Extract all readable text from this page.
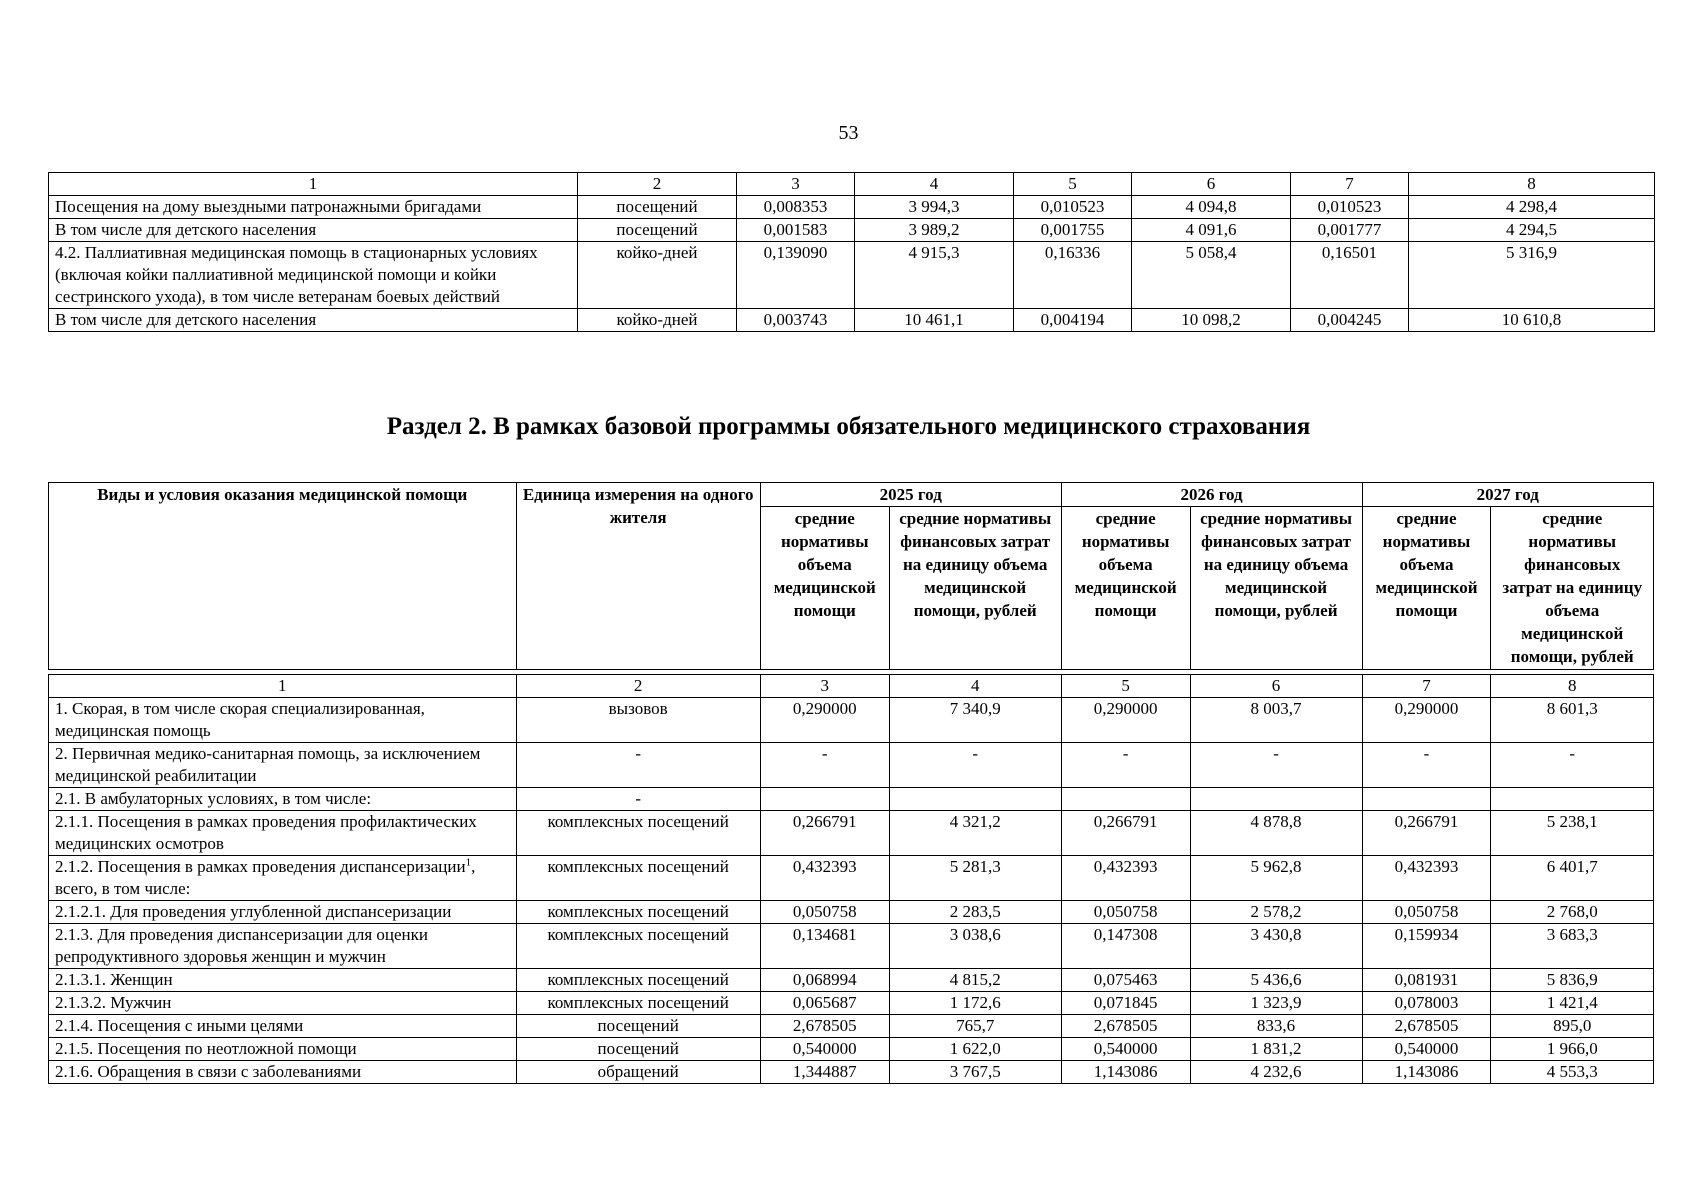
53
1	2	3	4	5	6	7	8
Посещения на дому выездными патронажными бригадами	посещений	0,008353	3 994,3	0,010523	4 094,8	0,010523	4 298,4
В том числе для детского населения	посещений	0,001583	3 989,2	0,001755	4 091,6	0,001777	4 294,5
4.2. Паллиативная медицинская помощь в стационарных условиях (включая койки паллиативной медицинской помощи и койки сестринского ухода), в том числе ветеранам боевых действий	койко-дней	0,139090	4 915,3	0,16336	5 058,4	0,16501	5 316,9
В том числе для детского населения	койко-дней	0,003743	10 461,1	0,004194	10 098,2	0,004245	10 610,8
Раздел 2. В рамках базовой программы обязательного медицинского страхования
Виды и условия оказания медицинской помощи	Единица измерения на одного жителя	2025 год		2026 год		2027 год	
		средние нормативы объема медицинской помощи	средние нормативы финансовых затрат на единицу объема медицинской помощи, рублей	средние нормативы объема медицинской помощи	средние нормативы финансовых затрат на единицу объема медицинской помощи, рублей	средние нормативы объема медицинской помощи	средние нормативы финансовых затрат на единицу объема медицинской помощи, рублей
1	2	3	4	5	6	7	8
1. Скорая, в том числе скорая специализированная, медицинская помощь	вызовов	0,290000	7 340,9	0,290000	8 003,7	0,290000	8 601,3
2. Первичная медико-санитарная помощь, за исключением медицинской реабилитации	-	-	-	-	-	-	-
2.1. В амбулаторных условиях, в том числе:	-						
2.1.1. Посещения в рамках проведения профилактических медицинских осмотров	комплексных посещений	0,266791	4 321,2	0,266791	4 878,8	0,266791	5 238,1
2.1.2. Посещения в рамках проведения диспансеризации$^1$, всего, в том числе:	комплексных посещений	0,432393	5 281,3	0,432393	5 962,8	0,432393	6 401,7
2.1.2.1. Для проведения углубленной диспансеризации	комплексных посещений	0,050758	2 283,5	0,050758	2 578,2	0,050758	2 768,0
2.1.3. Для проведения диспансеризации для оценки репродуктивного здоровья женщин и мужчин	комплексных посещений	0,134681	3 038,6	0,147308	3 430,8	0,159934	3 683,3
2.1.3.1. Женщин	комплексных посещений	0,068994	4 815,2	0,075463	5 436,6	0,081931	5 836,9
2.1.3.2. Мужчин	комплексных посещений	0,065687	1 172,6	0,071845	1 323,9	0,078003	1 421,4
2.1.4. Посещения с иными целями	посещений	2,678505	765,7	2,678505	833,6	2,678505	895,0
2.1.5. Посещения по неотложной помощи	посещений	0,540000	1 622,0	0,540000	1 831,2	0,540000	1 966,0
2.1.6. Обращения в связи с заболеваниями	обращений	1,344887	3 767,5	1,143086	4 232,6	1,143086	4 553,3
